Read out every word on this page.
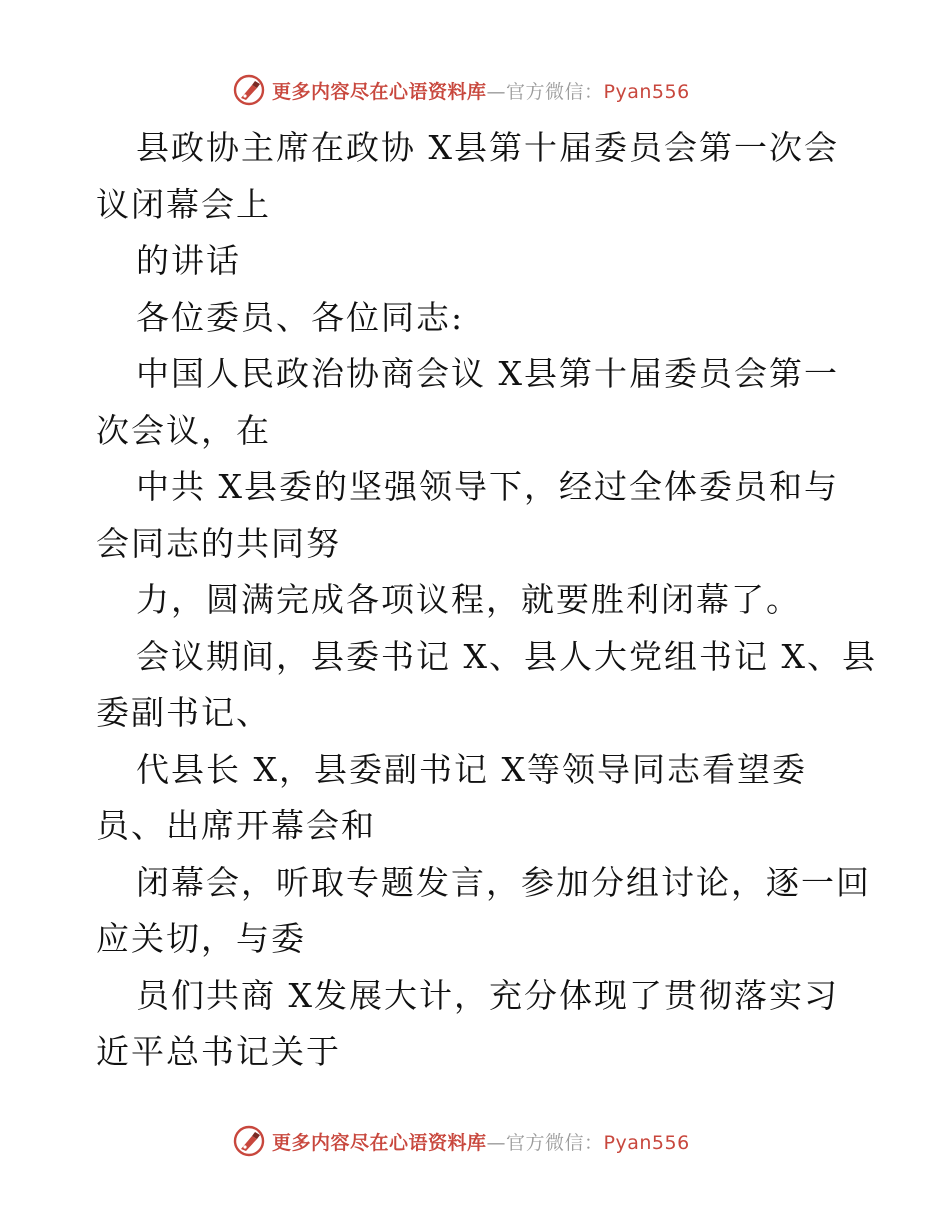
更多内容尽在心语资料库—官方微信：Pyan556
县政协主席在政协 X县第十届委员会第一次会
议闭幕会上
的讲话
各位委员、各位同志:
中国人民政治协商会议 X县第十届委员会第一
次会议，在
中共 X县委的坚强领导下，经过全体委员和与
会同志的共同努
力，圆满完成各项议程，就要胜利闭幕了。
会议期间，县委书记 X、县人大党组书记 X、县
委副书记、
代县长 X，县委副书记 X等领导同志看望委
员、出席开幕会和
闭幕会，听取专题发言，参加分组讨论，逐一回
应关切，与委
员们共商 X发展大计，充分体现了贯彻落实习
近平总书记关于
更多内容尽在心语资料库—官方微信：Pyan556
